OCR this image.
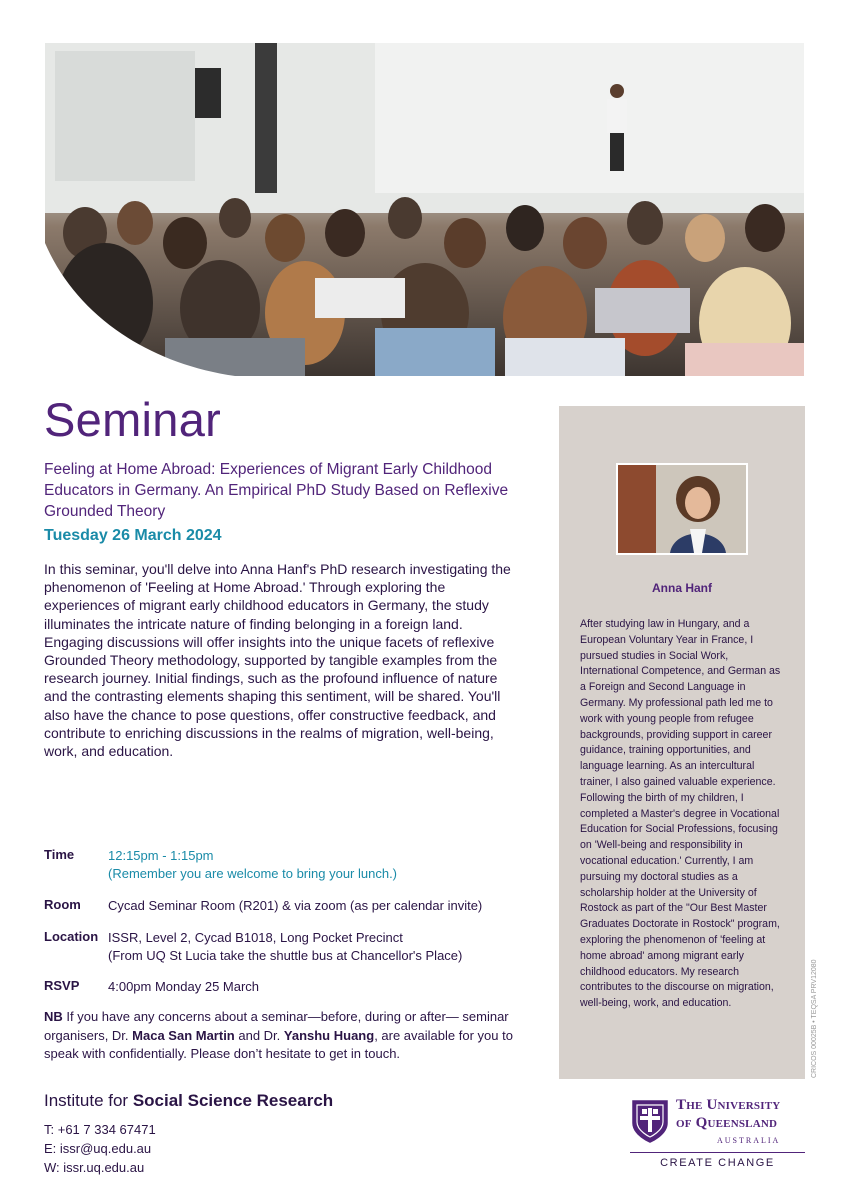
Seminar
Feeling at Home Abroad: Experiences of Migrant Early Childhood Educators in Germany. An Empirical PhD Study Based on Reflexive Grounded Theory
Tuesday 26 March 2024
In this seminar, you'll delve into Anna Hanf's PhD research investigating the phenomenon of 'Feeling at Home Abroad.' Through exploring the experiences of migrant early childhood educators in Germany, the study illuminates the intricate nature of finding belonging in a foreign land. Engaging discussions will offer insights into the unique facets of reflexive Grounded Theory methodology, supported by tangible examples from the research journey. Initial findings, such as the profound influence of nature and the contrasting elements shaping this sentiment, will be shared. You'll also have the chance to pose questions, offer constructive feedback, and contribute to enriching discussions in the realms of migration, well-being, work, and education.
Time	12:15pm - 1:15pm
(Remember you are welcome to bring your lunch.)
Room Cycad Seminar Room (R201) & via zoom (as per calendar invite)
Location ISSR, Level 2, Cycad B1018, Long Pocket Precinct
(From UQ St Lucia take the shuttle bus at Chancellor's Place)
RSVP 4:00pm Monday 25 March
NB If you have any concerns about a seminar—before, during or after— seminar organisers, Dr. Maca San Martin and Dr. Yanshu Huang, are available for you to speak with confidentially. Please don’t hesitate to get in touch.
Institute for Social Science Research
T: +61 7 334 67471
E: issr@uq.edu.au
W: issr.uq.edu.au
Anna Hanf
After studying law in Hungary, and a European Voluntary Year in France, I pursued studies in Social Work, International Competence, and German as a Foreign and Second Language in Germany. My professional path led me to work with young people from refugee backgrounds, providing support in career guidance, training opportunities, and language learning. As an intercultural trainer, I also gained valuable experience. Following the birth of my children, I completed a Master's degree in Vocational Education for Social Professions, focusing on 'Well-being and responsibility in vocational education.' Currently, I am pursuing my doctoral studies as a scholarship holder at the University of Rostock as part of the "Our Best Master Graduates Doctorate in Rostock" program, exploring the phenomenon of 'feeling at home abroad' among migrant early childhood educators. My research contributes to the discourse on migration, well-being, work, and education.	CRICOS 00025B • TEQSA PRV12080
The University
of Queensland
AUSTRALIA
CREATE CHANGE
